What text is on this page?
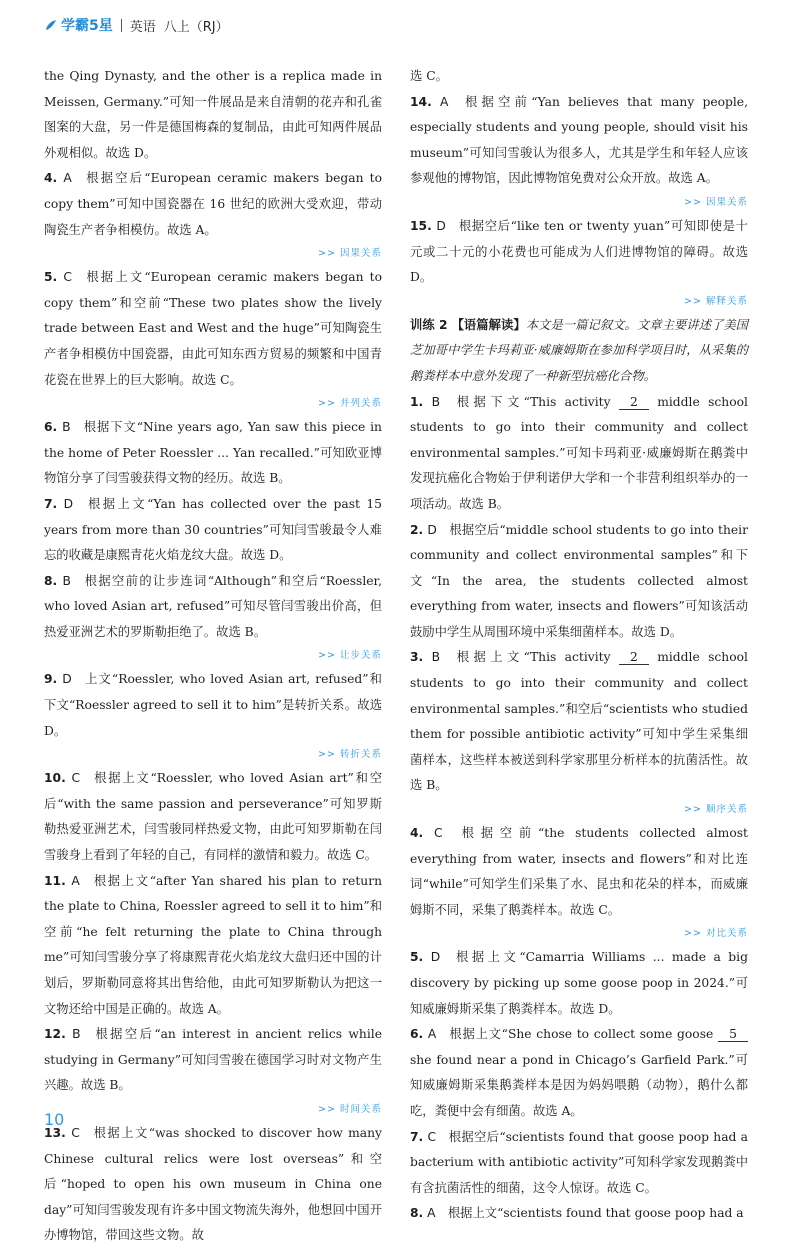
学霸5星 英语 八上（RJ）

the Qing Dynasty, and the other is a replica made in Meissen, Germany.”可知一件展品是来自清朝的花卉和孔雀图案的大盘，另一件是德国梅森的复制品，由此可知两件展品外观相似。故选 D。

4. A  根据空后“European ceramic makers began to copy them”可知中国瓷器在 16 世纪的欧洲大受欢迎，带动陶瓷生产者争相模仿。故选 A。

>> 因果关系

5. C  根据上文“European ceramic makers began to copy them”和空前“These two plates show the lively trade between East and West and the huge”可知陶瓷生产者争相模仿中国瓷器，由此可知东西方贸易的频繁和中国青花瓷在世界上的巨大影响。故选 C。

>> 并列关系

6. B  根据下文“Nine years ago, Yan saw this piece in the home of Peter Roessler ... Yan recalled.”可知欧亚博物馆分享了闫雪骏获得文物的经历。故选 B。

7. D  根据上文“Yan has collected over the past 15 years from more than 30 countries”可知闫雪骏最令人难忘的收藏是康熙青花火焰龙纹大盘。故选 D。

8. B  根据空前的让步连词“Although”和空后“Roessler, who loved Asian art, refused”可知尽管闫雪骏出价高，但热爱亚洲艺术的罗斯勒拒绝了。故选 B。

>> 让步关系

9. D  上文“Roessler, who loved Asian art, refused”和下文“Roessler agreed to sell it to him”是转折关系。故选 D。

>> 转折关系

10. C  根据上文“Roessler, who loved Asian art”和空后“with the same passion and perseverance”可知罗斯勒热爱亚洲艺术，闫雪骏同样热爱文物，由此可知罗斯勒在闫雪骏身上看到了年轻的自己，有同样的激情和毅力。故选 C。

11. A  根据上文“after Yan shared his plan to return the plate to China, Roessler agreed to sell it to him”和空前“he felt returning the plate to China through me”可知闫雪骏分享了将康熙青花火焰龙纹大盘归还中国的计划后，罗斯勒同意将其出售给他，由此可知罗斯勒认为把这一文物还给中国是正确的。故选 A。

12. B  根据空后“an interest in ancient relics while studying in Germany”可知闫雪骏在德国学习时对文物产生兴趣。故选 B。

>> 时间关系

13. C  根据上文“was shocked to discover how many Chinese cultural relics were lost overseas”和空后“hoped to open his own museum in China one day”可知闫雪骏发现有许多中国文物流失海外，他想回中国开办博物馆，带回这些文物。故

选 C。

14. A  根据空前“Yan believes that many people, especially students and young people, should visit his museum”可知闫雪骏认为很多人，尤其是学生和年轻人应该参观他的博物馆，因此博物馆免费对公众开放。故选 A。

>> 因果关系

15. D  根据空后“like ten or twenty yuan”可知即使是十元或二十元的小花费也可能成为人们进博物馆的障碍。故选 D。

>> 解释关系

训练 2 【语篇解读】本文是一篇记叙文。文章主要讲述了美国芝加哥中学生卡玛莉亚·威廉姆斯在参加科学项目时，从采集的鹅粪样本中意外发现了一种新型抗癌化合物。

1. B  根据下文“This activity 2 middle school students to go into their community and collect environmental samples.”可知卡玛莉亚·威廉姆斯在鹅粪中发现抗癌化合物始于伊利诺伊大学和一个非营利组织举办的一项活动。故选 B。

2. D  根据空后“middle school students to go into their community and collect environmental samples”和下文“In the area, the students collected almost everything from water, insects and flowers”可知该活动鼓励中学生从周围环境中采集细菌样本。故选 D。

3. B  根据上文“This activity 2 middle school students to go into their community and collect environmental samples.”和空后“scientists who studied them for possible antibiotic activity”可知中学生采集细菌样本，这些样本被送到科学家那里分析样本的抗菌活性。故选 B。

>> 顺序关系

4. C  根据空前“the students collected almost everything from water, insects and flowers”和对比连词“while”可知学生们采集了水、昆虫和花朵的样本，而威廉姆斯不同，采集了鹅粪样本。故选 C。

>> 对比关系

5. D  根据上文“Camarria Williams ... made a big discovery by picking up some goose poop in 2024.”可知威廉姆斯采集了鹅粪样本。故选 D。

6. A  根据上文“She chose to collect some goose 5 she found near a pond in Chicago’s Garfield Park.”可知威廉姆斯采集鹅粪样本是因为妈妈喂鹅（动物），鹅什么都吃，粪便中会有细菌。故选 A。

7. C  根据空后“scientists found that goose poop had a bacterium with antibiotic activity”可知科学家发现鹅粪中有含抗菌活性的细菌，这令人惊讶。故选 C。

8. A  根据上文“scientists found that goose poop had a

10
